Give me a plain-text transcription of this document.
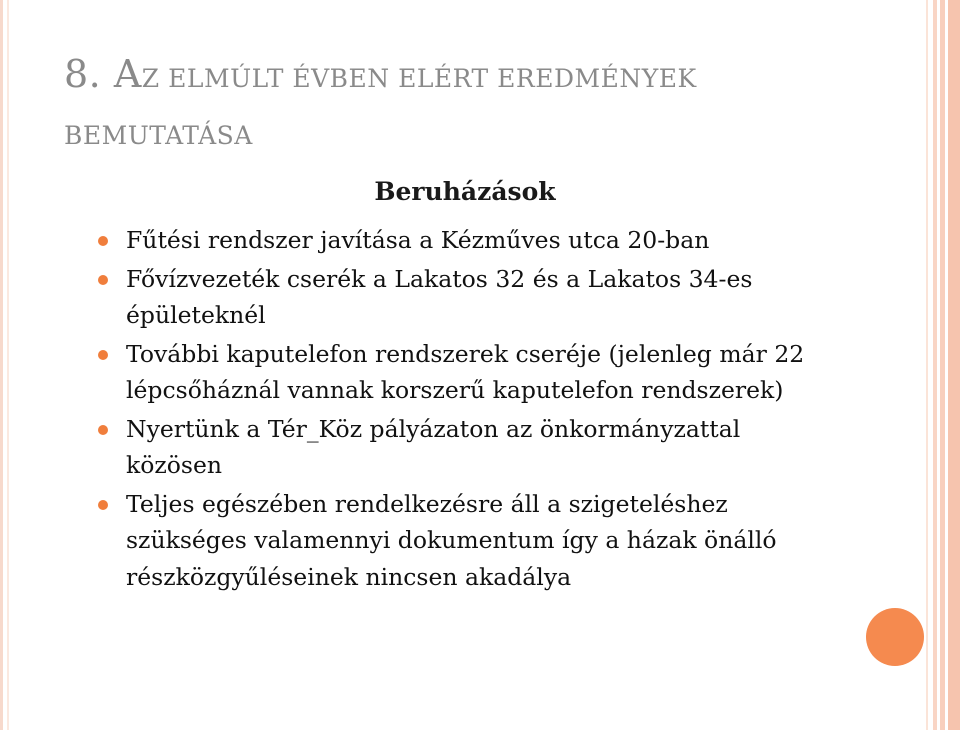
8. AZ ELMÚLT ÉVBEN ELÉRT EREDMÉNYEK
BEMUTATÁSA
Beruházások
Fűtési rendszer javítása a Kézműves utca 20-ban
Fővízvezeték cserék a Lakatos 32 és a Lakatos 34-es épületeknél
További kaputelefon rendszerek cseréje (jelenleg már 22 lépcsőháznál vannak korszerű kaputelefon rendszerek)
Nyertünk a Tér_Köz pályázaton az önkormányzattal közösen
Teljes egészében rendelkezésre áll a szigeteléshez szükséges valamennyi dokumentum így a házak önálló részközgyűléseinek nincsen akadálya
